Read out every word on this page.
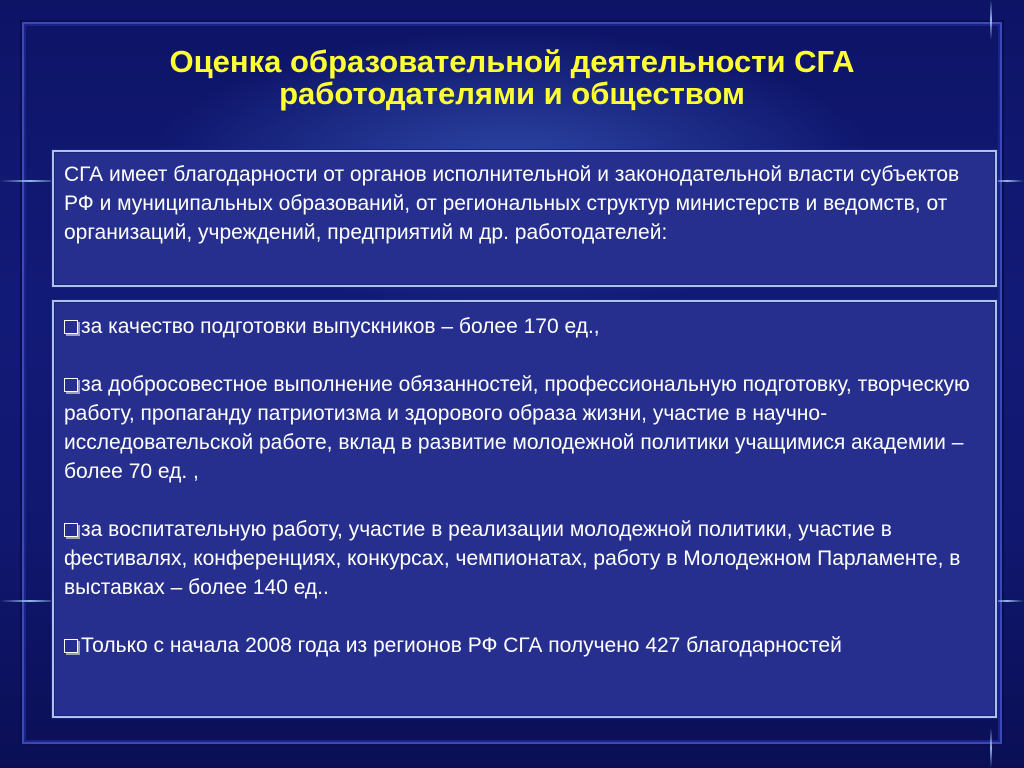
Оценка образовательной деятельности СГА
работодателями и обществом
СГА имеет благодарности от органов исполнительной и законодательной власти субъектов РФ и муниципальных образований, от региональных структур министерств и ведомств, от организаций, учреждений, предприятий м др. работодателей:
за качество подготовки выпускников – более 170 ед.,
за добросовестное выполнение обязанностей, профессиональную подготовку, творческую работу, пропаганду патриотизма и здорового образа жизни, участие в научно-исследовательской работе, вклад в развитие молодежной политики учащимися академии – более 70 ед. ,
за воспитательную работу, участие в реализации молодежной политики, участие в фестивалях, конференциях, конкурсах, чемпионатах, работу в Молодежном Парламенте, в выставках – более 140 ед..
Только с начала 2008 года из регионов РФ СГА получено 427 благодарностей
